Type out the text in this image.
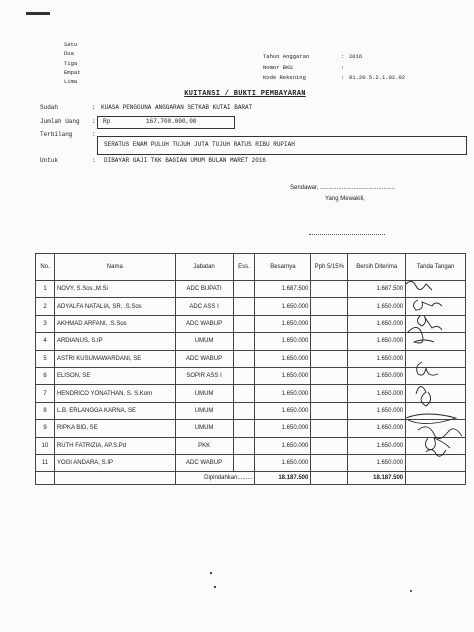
Satu
Dua
Tiga
Empat
Lima
Tahun Anggaran	: 2016
Nomor BKU	:
Kode Rekening	: 01.20.5.2.1.02.02
KUITANSI / BUKTI PEMBAYARAN
Sudah	: KUASA PENGGUNA ANGGARAN SETKAB KUTAI BARAT
Jumlah Uang : Rp	167.700.000,00
Terbilang	:
SERATUS ENAM PULUH TUJUH JUTA TUJUH RATUS RIBU RUPIAH
Untuk	: DIBAYAR GAJI TKK BAGIAN UMUM BULAN MARET 2016
Sendawar, .............................................
Yang Mewakili,
No.	Nama	Jabatan	Ess.	Besarnya	Pph 5/15%	Bersih Diterima	Tanda Tangan
1	NOVY, S.Sos.,M.Si	ADC BUPATI		1.687.500		1.687.500	
2	ADYALFA NATALIA, SR, .S.Sos	ADC ASS I		1.650.000		1.650.000	
3	AKHMAD ARFANI, .S.Sos	ADC WABUP		1.650.000		1.650.000	
4	ARDIANUS, S.IP	UMUM		1.650.000		1.650.000	
5	ASTRI KUSUMAWARDANI, SE	ADC WABUP		1.650.000		1.650.000	
6	ELISON, SE	SOPIR ASS I		1.650.000		1.650.000	
7	HENDRICO YONATHAN. S. S.Kom	UMUM		1.650.000		1.650.000	
8	L.B. ERLANGGA KARNA, SE	UMUM		1.650.000		1.650.000	
9	RIPKA BID, SE	UMUM		1.650.000		1.650.000	
10	RUTH FATRIZIA, AP.S.Pd	PKK		1.650.000		1.650.000	
11	YOGI ANDARA, S.IP	ADC WABUP		1.650.000		1.650.000	
		Dipindahkan.........		18.187.500		18.187.500	
